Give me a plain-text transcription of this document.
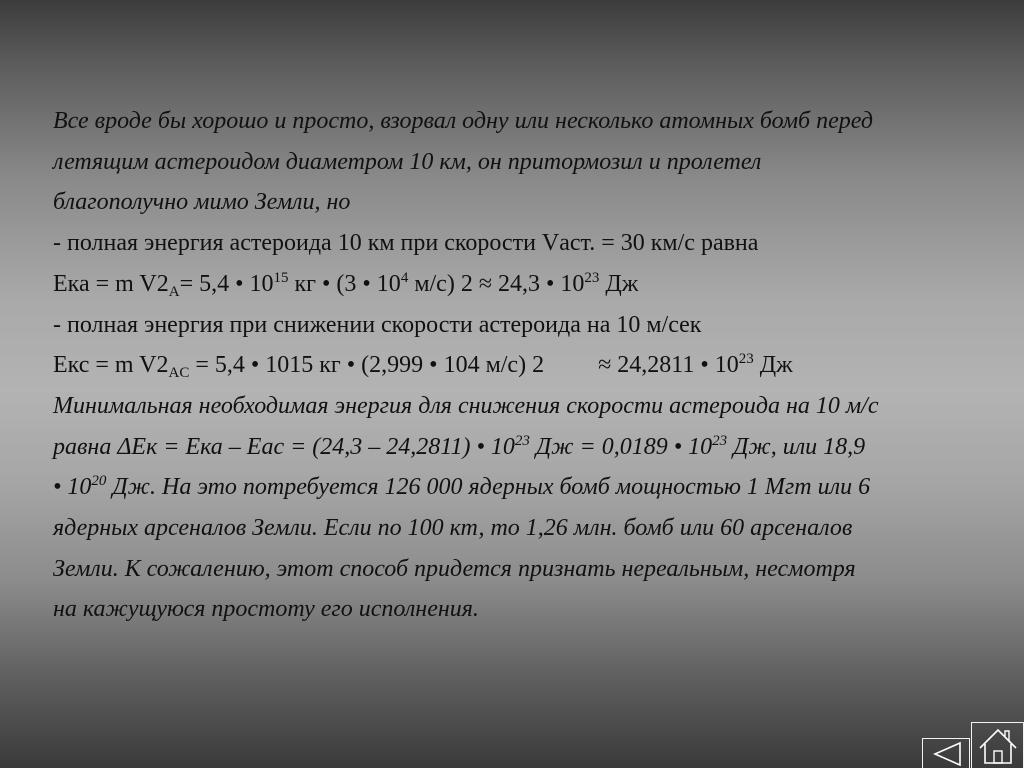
Все вроде бы хорошо и просто, взорвал одну или несколько атомных бомб перед
летящим астероидом диаметром 10 км, он притормозил и пролетел
благополучно мимо Земли, но
- полная энергия астероида 10 км при скорости Vаст. = 30 км/с равна
Ека = m $V2_A= 5,4$ • $10^{15}$ кг • (3 • $10^4$ м/с) 2 ≈ 24,3 • $10^{23}$ Дж
- полная энергия при снижении скорости астероида на 10 м/сек
Екс = m $V2_{AC} = 5,4$ • 1015 кг • (2,999 • 104 м/с) 2 ≈ 24,2811 • $10^{23}$ Дж
Минимальная необходимая энергия для снижения скорости астероида на 10 м/с
равна ΔЕк = Ека – Еас = (24,3 – 24,2811) • $10^{23}$ Дж = 0,0189 • $10^{23}$ Дж, или 18,9
• $10^{20}$ Дж. На это потребуется 126 000 ядерных бомб мощностью 1 Мгт или 6
ядерных арсеналов Земли. Если по 100 кт, то 1,26 млн. бомб или 60 арсеналов
Земли. К сожалению, этот способ придется признать нереальным, несмотря
на кажущуюся простоту его исполнения.
